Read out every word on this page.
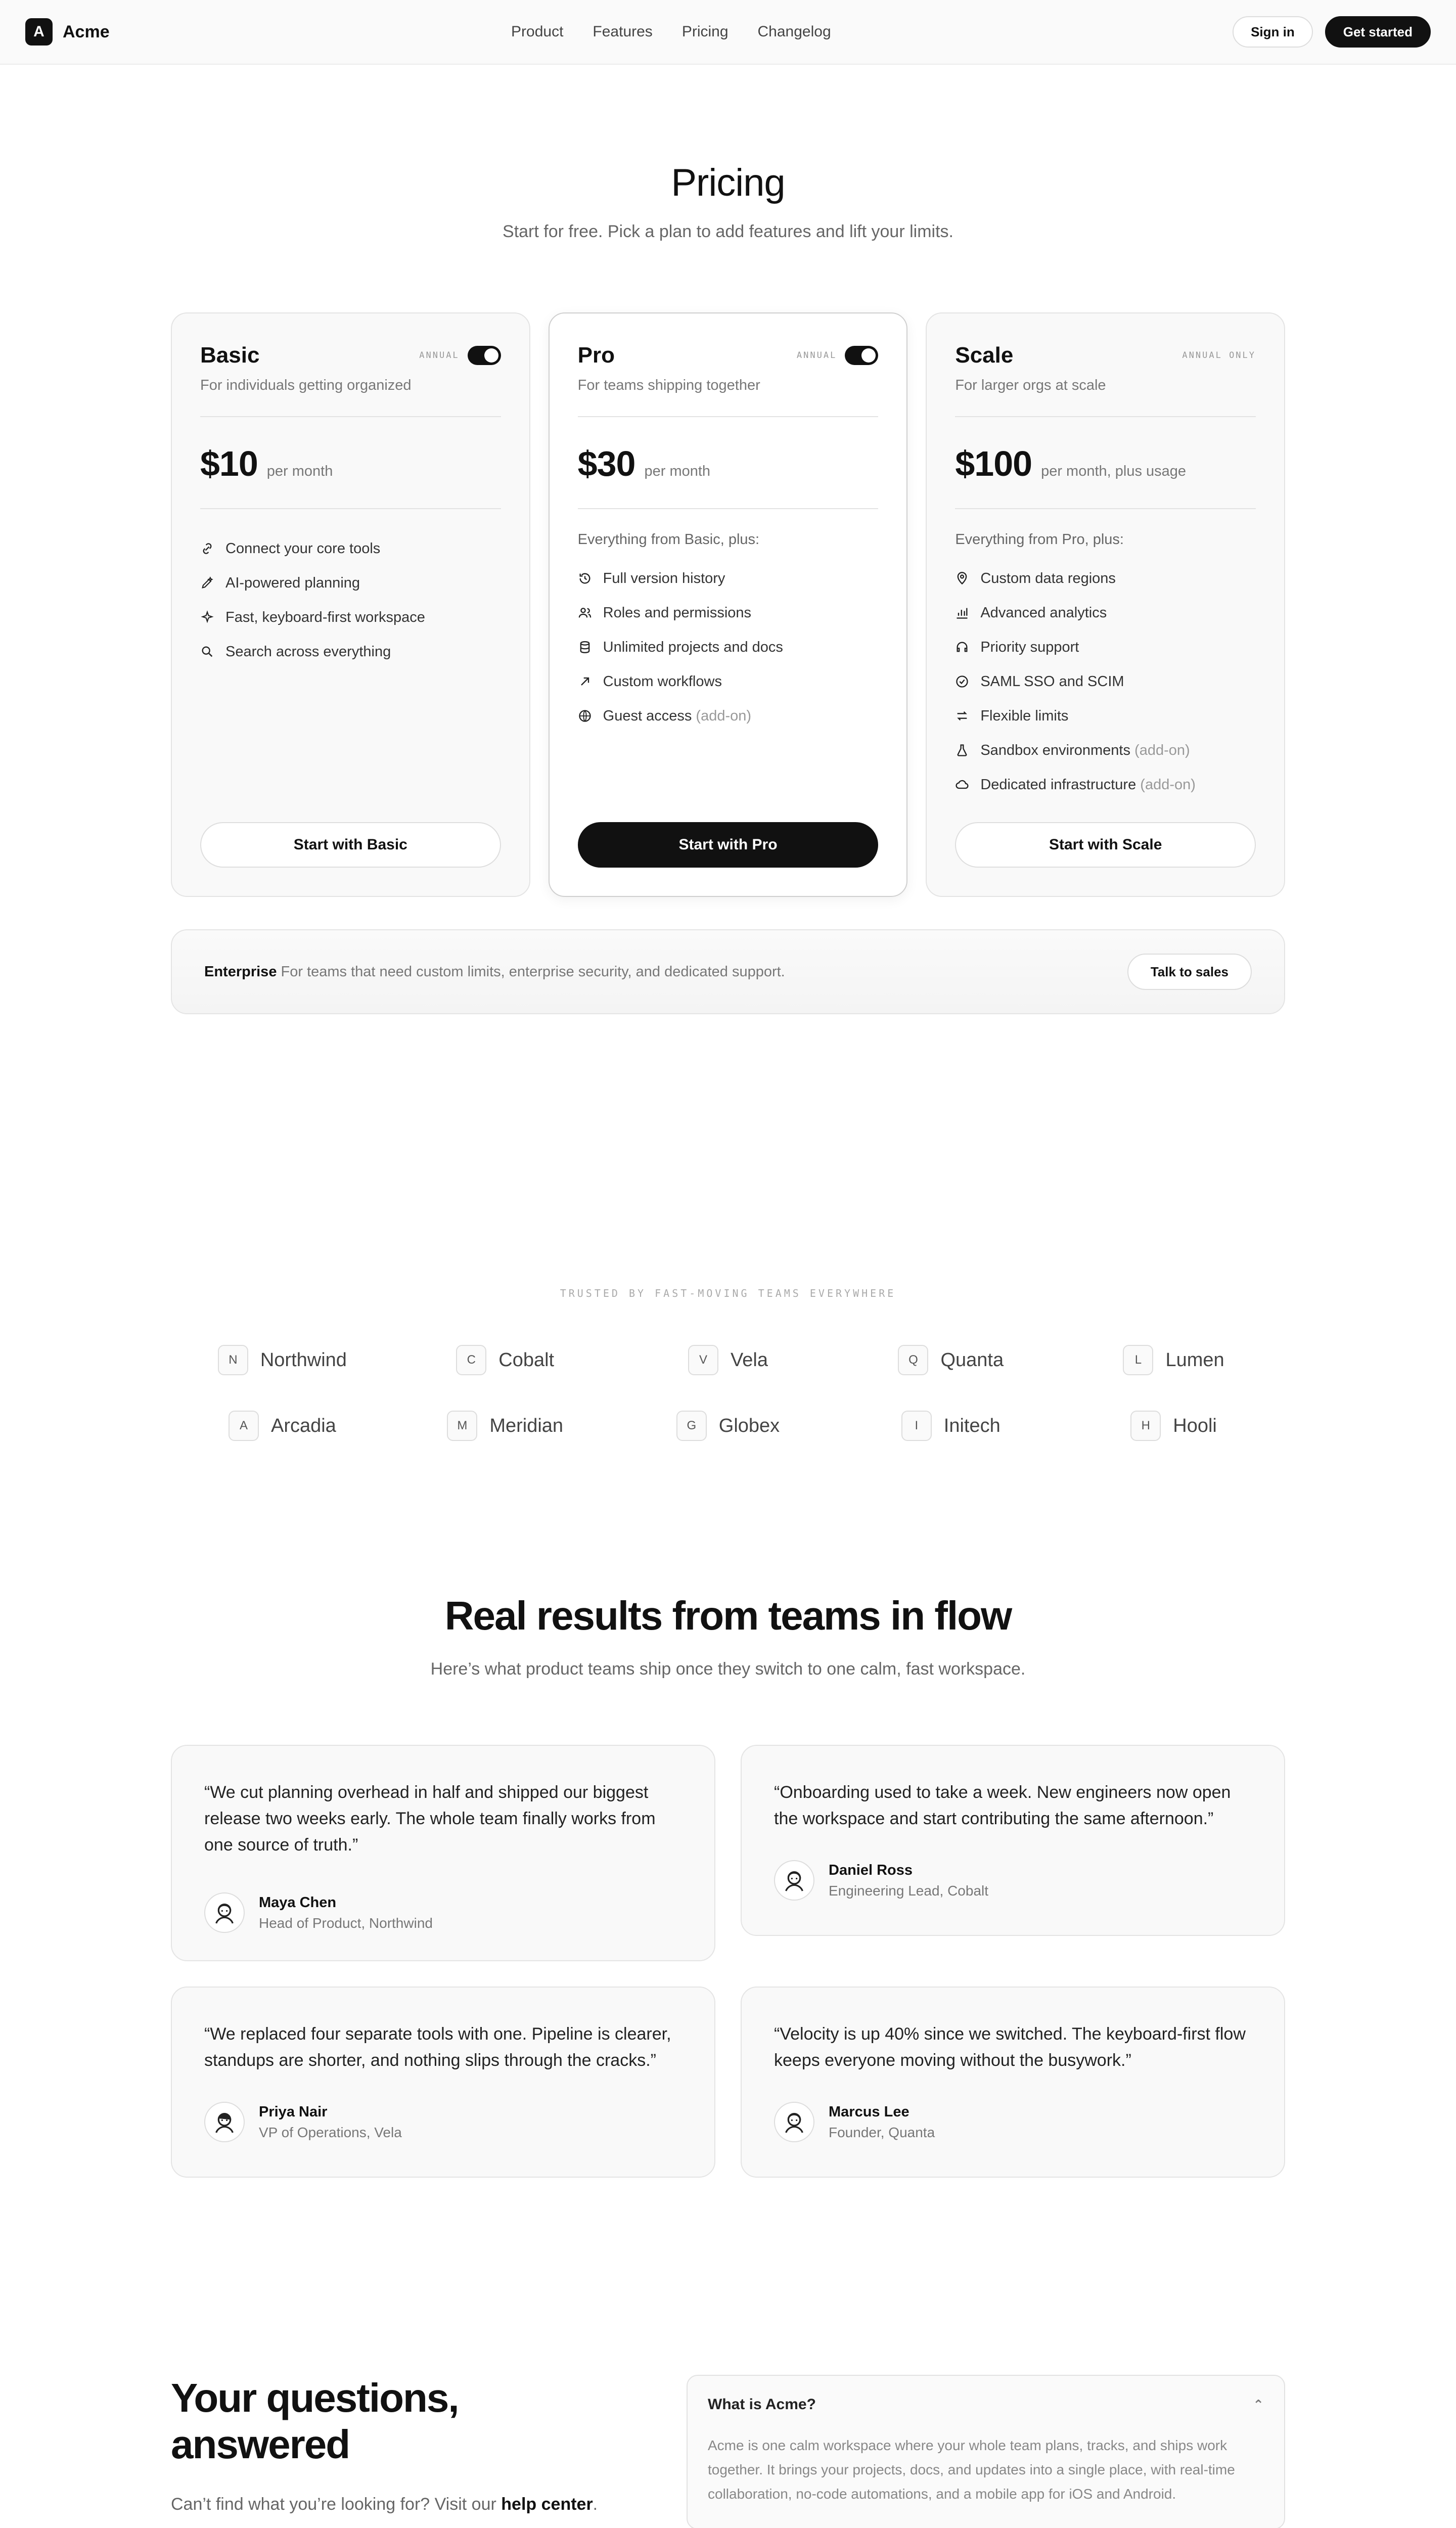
A	Acme	Product Features Pricing Changelog	Sign in	Get started
Pricing

Start for free. Pick a plan to add features and lift your limits.

Basic	ANNUAL
For individuals getting organized
$10 per month
Connect your core tools
AI-powered planning
Fast, keyboard-first workspace
Search across everything
Start with Basic
Pro	ANNUAL
For teams shipping together
$30 per month
Everything from Basic, plus:
Full version history
Roles and permissions
Unlimited projects and docs
Custom workflows
Guest access (add-on)
Start with Pro
Scale	ANNUAL ONLY
For larger orgs at scale
$100 per month, plus usage
Everything from Pro, plus:
Custom data regions
Advanced analytics
Priority support
SAML SSO and SCIM
Flexible limits
Sandbox environments (add-on)
Dedicated infrastructure (add-on)
Start with Scale
Enterprise For teams that need custom limits, enterprise security, and dedicated support.	Talk to sales
TRUSTED BY FAST-MOVING TEAMS EVERYWHERE
N	Northwind	C	Cobalt	V	Vela	Q	Quanta	L	Lumen
A	Arcadia	M	Meridian	G	Globex	I	Initech	H	Hooli
Real results from teams in flow

Here’s what product teams ship once they switch to one calm, fast workspace.

“We cut planning overhead in half and shipped our biggest release two weeks early. The whole team finally works from one source of truth.”

Maya Chen
Head of Product, Northwind

“Onboarding used to take a week. New engineers now open the workspace and start contributing the same afternoon.”

Daniel Ross
Engineering Lead, Cobalt

“We replaced four separate tools with one. Pipeline is clearer, standups are shorter, and nothing slips through the cracks.”

Priya Nair
VP of Operations, Vela

“Velocity is up 40% since we switched. The keyboard-first flow keeps everyone moving without the busywork.”

Marcus Lee
Founder, Quanta
Your questions, answered

Can’t find what you’re looking for? Visit our help center.

What is Acme?	⌃
Acme is one calm workspace where your whole team plans, tracks, and ships work together. It brings your projects, docs, and updates into a single place, with real-time collaboration, no-code automations, and a mobile app for iOS and Android.
